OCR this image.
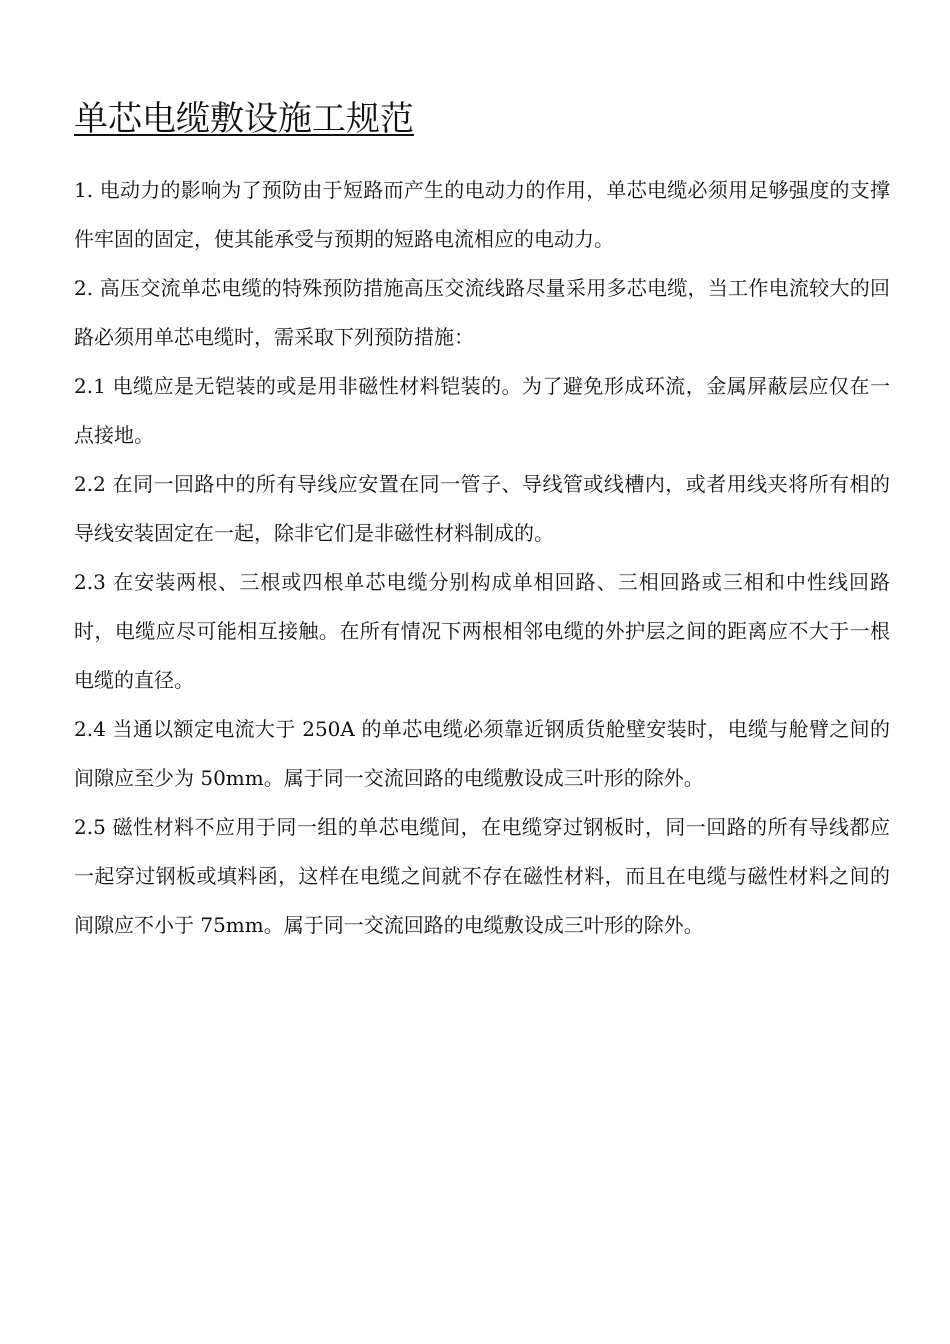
单芯电缆敷设施工规范

1. 电动力的影响为了预防由于短路而产生的电动力的作用，单芯电缆必须用足够强度的支撑件牢固的固定，使其能承受与预期的短路电流相应的电动力。

2. 高压交流单芯电缆的特殊预防措施高压交流线路尽量采用多芯电缆，当工作电流较大的回路必须用单芯电缆时，需采取下列预防措施：

2.1 电缆应是无铠装的或是用非磁性材料铠装的。为了避免形成环流，金属屏蔽层应仅在一点接地。

2.2 在同一回路中的所有导线应安置在同一管子、导线管或线槽内，或者用线夹将所有相的导线安装固定在一起，除非它们是非磁性材料制成的。

2.3 在安装两根、三根或四根单芯电缆分别构成单相回路、三相回路或三相和中性线回路时，电缆应尽可能相互接触。在所有情况下两根相邻电缆的外护层之间的距离应不大于一根电缆的直径。

2.4 当通以额定电流大于 250A 的单芯电缆必须靠近钢质货舱壁安装时，电缆与舱臂之间的间隙应至少为 50mm。属于同一交流回路的电缆敷设成三叶形的除外。

2.5 磁性材料不应用于同一组的单芯电缆间，在电缆穿过钢板时，同一回路的所有导线都应一起穿过钢板或填料函，这样在电缆之间就不存在磁性材料，而且在电缆与磁性材料之间的间隙应不小于 75mm。属于同一交流回路的电缆敷设成三叶形的除外。
